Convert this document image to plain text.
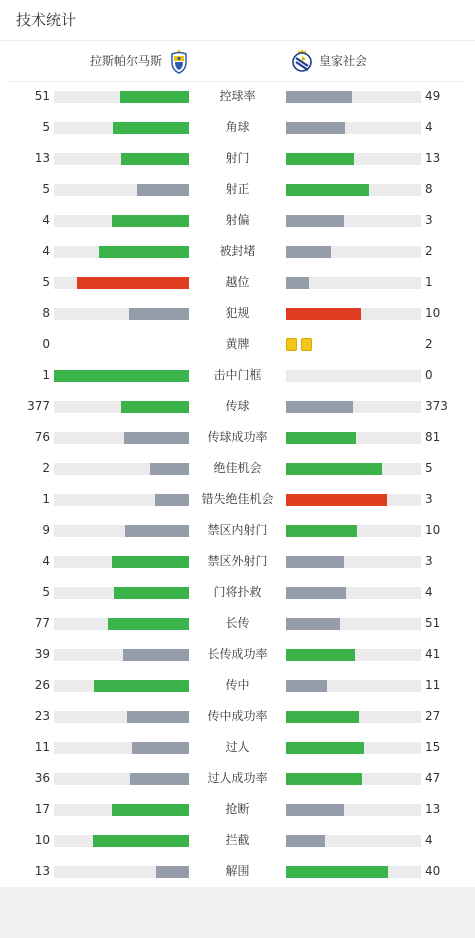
技术统计
拉斯帕尔马斯	皇家社会
51	控球率	49
5	角球	4
13	射门	13
5	射正	8
4	射偏	3
4	被封堵	2
5	越位	1
8	犯规	10
0	黄牌	2
1	击中门框	0
377	传球	373
76	传球成功率	81
2	绝佳机会	5
1	错失绝佳机会	3
9	禁区内射门	10
4	禁区外射门	3
5	门将扑救	4
77	长传	51
39	长传成功率	41
26	传中	11
23	传中成功率	27
11	过人	15
36	过人成功率	47
17	抢断	13
10	拦截	4
13	解围	40
